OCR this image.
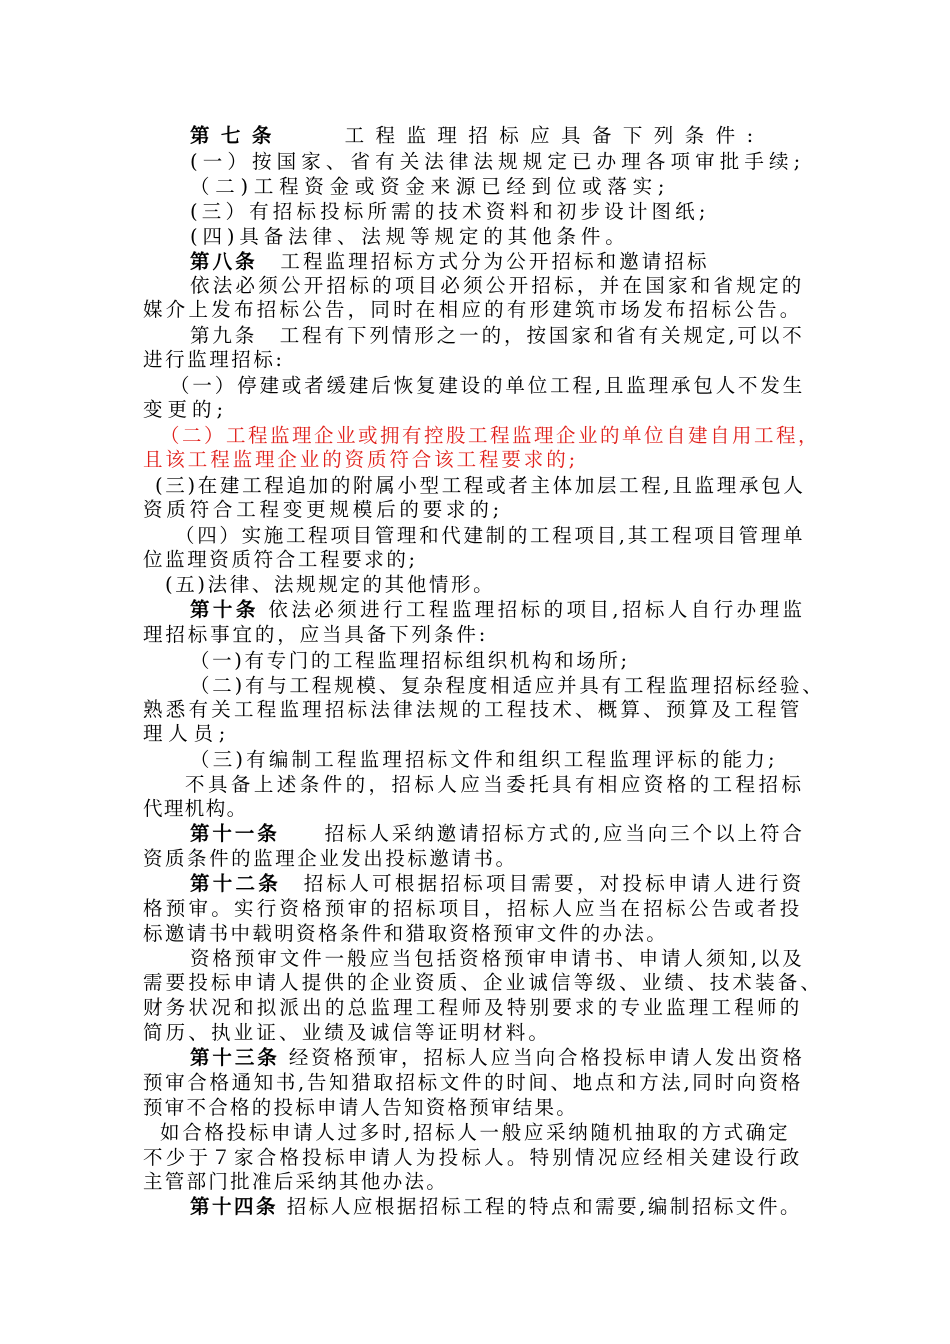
第七条　　工程监理招标应具备下列条件:
(一）按国家、省有关法律法规规定已办理各项审批手续;
（二)工程资金或资金来源已经到位或落实;
(三）有招标投标所需的技术资料和初步设计图纸;
(四)具备法律、法规等规定的其他条件。
第八条　工程监理招标方式分为公开招标和邀请招标
依法必须公开招标的项目必须公开招标，并在国家和省规定的
媒介上发布招标公告，同时在相应的有形建筑市场发布招标公告。
第九条　工程有下列情形之一的，按国家和省有关规定,可以不
进行监理招标:
（一）停建或者缓建后恢复建设的单位工程,且监理承包人不发生
变更的;
（二）工程监理企业或拥有控股工程监理企业的单位自建自用工程，
且该工程监理企业的资质符合该工程要求的;
(三)在建工程追加的附属小型工程或者主体加层工程,且监理承包人
资质符合工程变更规模后的要求的;
（四）实施工程项目管理和代建制的工程项目,其工程项目管理单
位监理资质符合工程要求的;
(五)法律、法规规定的其他情形。
第十条 依法必须进行工程监理招标的项目,招标人自行办理监
理招标事宜的，应当具备下列条件:
（一)有专门的工程监理招标组织机构和场所;
（二)有与工程规模、复杂程度相适应并具有工程监理招标经验、
熟悉有关工程监理招标法律法规的工程技术、概算、预算及工程管
理人员;
（三)有编制工程监理招标文件和组织工程监理评标的能力;
不具备上述条件的，招标人应当委托具有相应资格的工程招标
代理机构。
第十一条　　招标人采纳邀请招标方式的,应当向三个以上符合
资质条件的监理企业发出投标邀请书。
第十二条　招标人可根据招标项目需要，对投标申请人进行资
格预审。实行资格预审的招标项目，招标人应当在招标公告或者投
标邀请书中载明资格条件和猎取资格预审文件的办法。
资格预审文件一般应当包括资格预审申请书、申请人须知,以及
需要投标申请人提供的企业资质、企业诚信等级、业绩、技术装备、
财务状况和拟派出的总监理工程师及特别要求的专业监理工程师的
简历、执业证、业绩及诚信等证明材料。
第十三条 经资格预审，招标人应当向合格投标申请人发出资格
预审合格通知书,告知猎取招标文件的时间、地点和方法,同时向资格
预审不合格的投标申请人告知资格预审结果。
如合格投标申请人过多时,招标人一般应采纳随机抽取的方式确定
不少于７家合格投标申请人为投标人。特别情况应经相关建设行政
主管部门批准后采纳其他办法。
第十四条 招标人应根据招标工程的特点和需要,编制招标文件。
